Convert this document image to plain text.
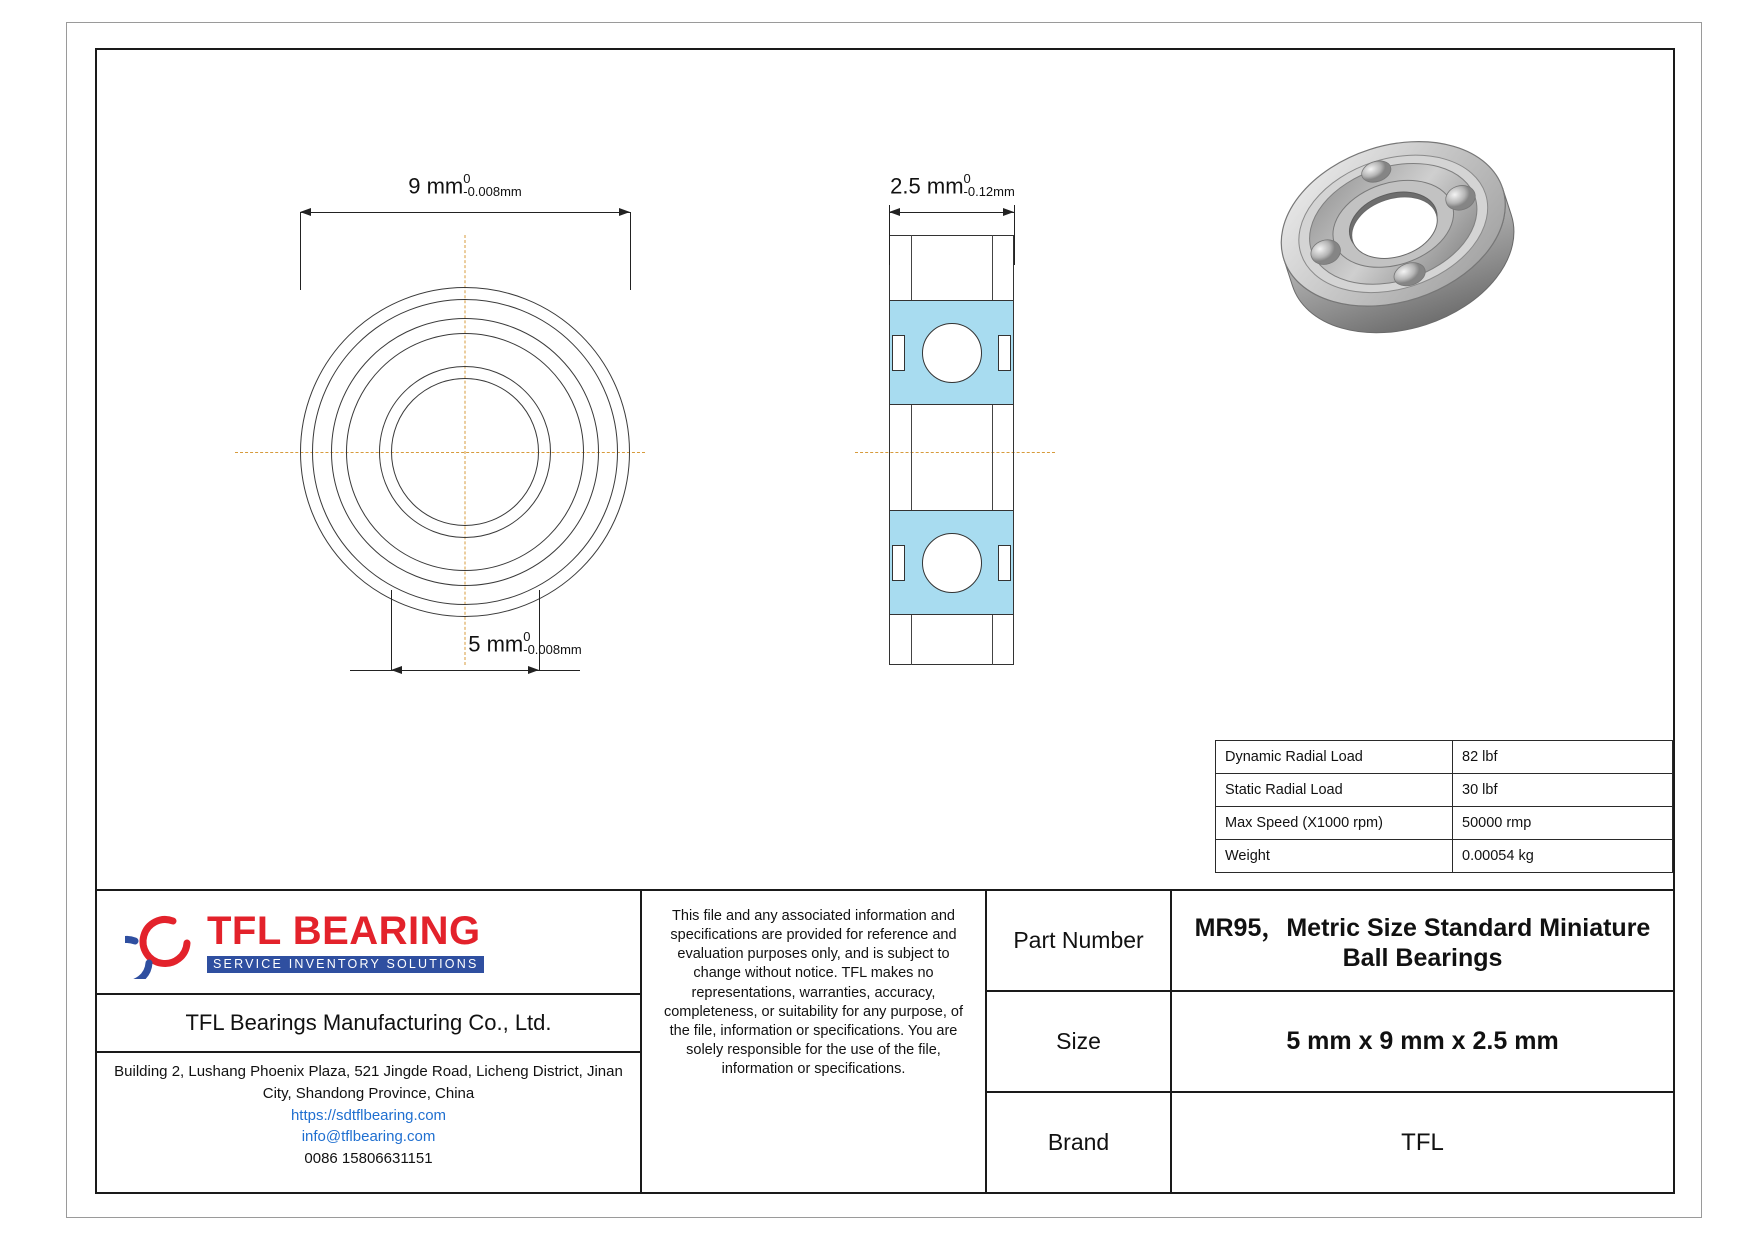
9 mm 0
-0.008mm
5 mm 0
-0.008mm
2.5 mm 0
-0.12mm
Dynamic Radial Load	82 lbf
Static Radial Load	30 lbf
Max Speed (X1000 rpm)	50000 rmp
Weight	0.00054 kg
TFL BEARING
SERVICE INVENTORY SOLUTIONS
TFL Bearings Manufacturing Co., Ltd.
Building 2, Lushang Phoenix Plaza, 521 Jingde Road, Licheng District, Jinan City, Shandong Province, China
https://sdtflbearing.com
info@tflbearing.com
0086 15806631151
This file and any associated information and specifications are provided for reference and evaluation purposes only, and is subject to change without notice. TFL makes no representations, warranties, accuracy, completeness, or suitability for any purpose, of the file, information or specifications. You are solely responsible for the use of the file, information or specifications.
Part Number	MR95，Metric Size Standard Miniature Ball Bearings
Size	5 mm x 9 mm x 2.5 mm
Brand	TFL
